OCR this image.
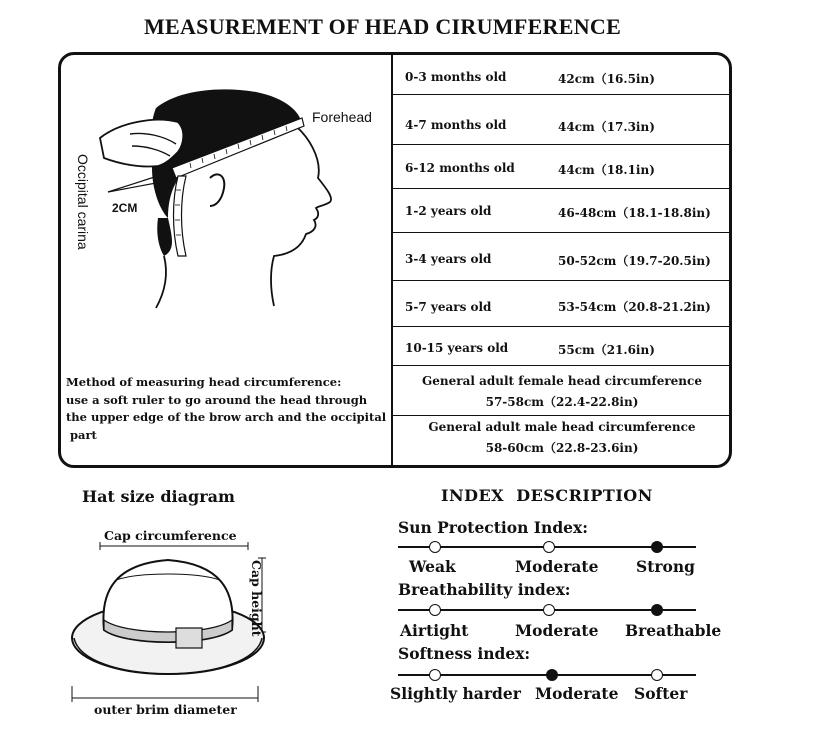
MEASUREMENT OF HEAD CIRUMFERENCE
2CM
Forehead
Occipital carina
Method of measuring head circumference:
use a soft ruler to go around the head through
the upper edge of the brow arch and the occipital
part
0-3 months old	42cm（16.5in)
4-7 months old	44cm（17.3in)
6-12 months old	44cm（18.1in)
1-2 years old	46-48cm（18.1-18.8in)
3-4 years old	50-52cm（19.7-20.5in)
5-7 years old	53-54cm（20.8-21.2in)
10-15 years old	55cm（21.6in)
General adult female head circumference
57-58cm（22.4-22.8in)
General adult male head circumference
58-60cm（22.8-23.6in)
Hat size diagram
Cap circumference
Cap height
outer brim diameter
INDEX  DESCRIPTION
Sun Protection Index:
Weak	Moderate Strong
Breathability index:
Airtight	Moderate Breathable
Softness index:
Slightly harder Moderate Softer
